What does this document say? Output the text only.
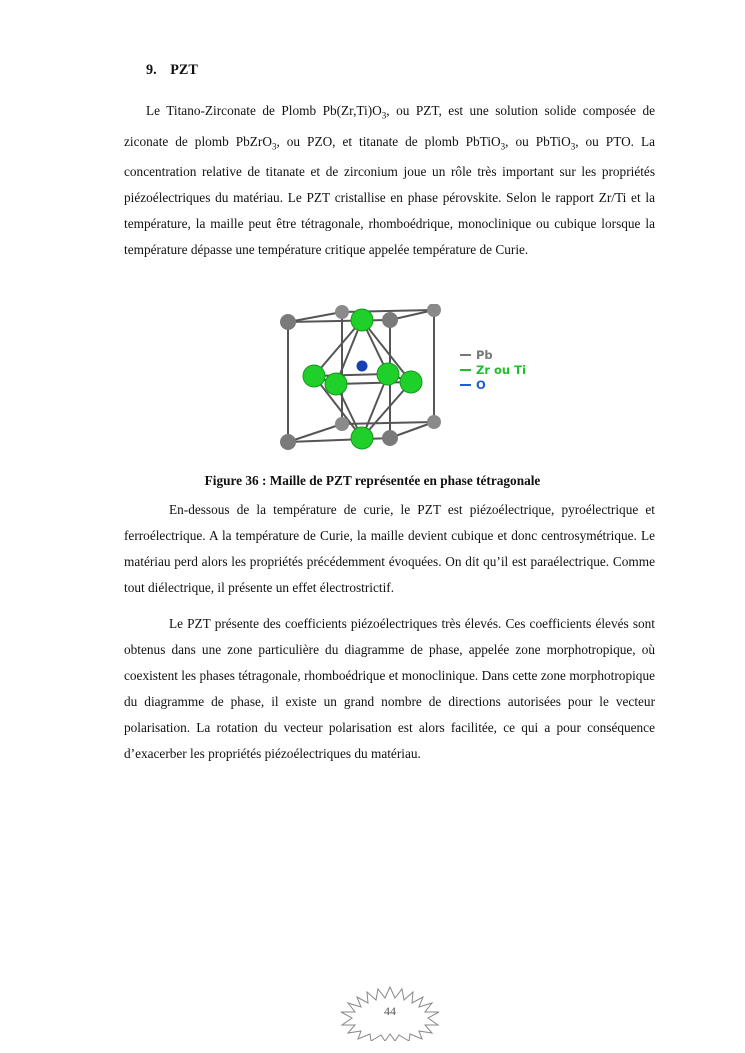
9. PZT

Le Titano-Zirconate de Plomb $Pb(Zr,Ti)O_3$, ou PZT, est une solution solide composée de ziconate de plomb PbZrO$_3$, ou PZO, et titanate de plomb PbTiO$_3$, ou PbTiO$_3$, ou PTO. La concentration relative de titanate et de zirconium joue un rôle très important sur les propriétés piézoélectriques du matériau. Le PZT cristallise en phase pérovskite. Selon le rapport Zr/Ti et la température, la maille peut être tétragonale, rhomboédrique, monoclinique ou cubique lorsque la température dépasse une température critique appelée température de Curie.

Pb
Zr ou Ti
O
Figure 36 : Maille de PZT représentée en phase tétragonale

En-dessous de la température de curie, le PZT est piézoélectrique, pyroélectrique et ferroélectrique. A la température de Curie, la maille devient cubique et donc centrosymétrique. Le matériau perd alors les propriétés précédemment évoquées. On dit qu’il est paraélectrique. Comme tout diélectrique, il présente un effet électrostrictif.

Le PZT présente des coefficients piézoélectriques très élevés. Ces coefficients élevés sont obtenus dans une zone particulière du diagramme de phase, appelée zone morphotropique, où coexistent les phases tétragonale, rhomboédrique et monoclinique. Dans cette zone morphotropique du diagramme de phase, il existe un grand nombre de directions autorisées pour le vecteur polarisation. La rotation du vecteur polarisation est alors facilitée, ce qui a pour conséquence d’exacerber les propriétés piézoélectriques du matériau.

44
